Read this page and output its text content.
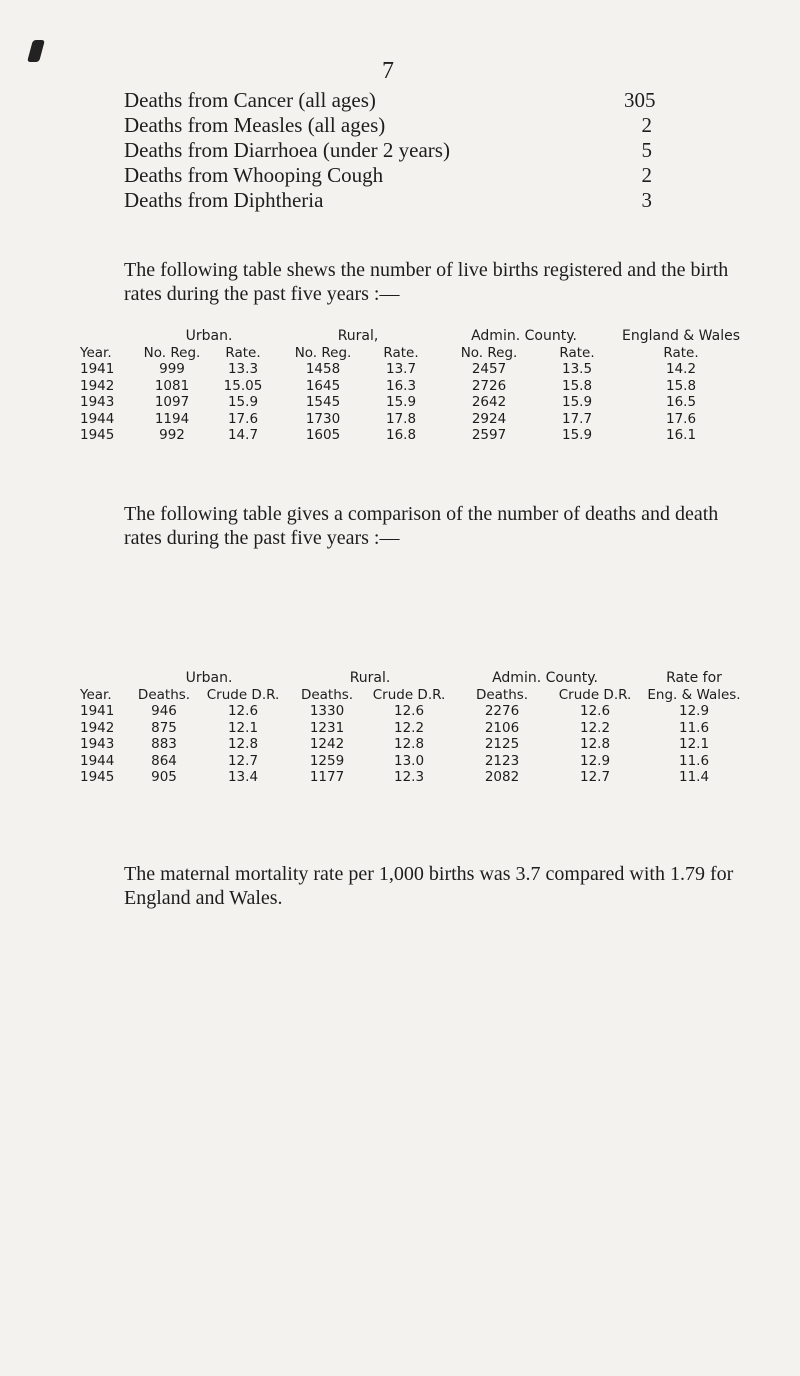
7
Deaths from Cancer (all ages)	305
Deaths from Measles (all ages)	2
Deaths from Diarrhoea (under 2 years)	5
Deaths from Whooping Cough	2
Deaths from Diphtheria	3

The following table shews the number of live births registered and the birth rates during the past five years :—

	Urban.		Rural,		Admin. County.		England & Wales
Year.	No. Reg.	Rate.	No. Reg.	Rate.	No. Reg.	Rate.	Rate.
1941	999	13.3	1458	13.7	2457	13.5	14.2
1942	1081	15.05	1645	16.3	2726	15.8	15.8
1943	1097	15.9	1545	15.9	2642	15.9	16.5
1944	1194	17.6	1730	17.8	2924	17.7	17.6
1945	992	14.7	1605	16.8	2597	15.9	16.1

The following table gives a comparison of the number of deaths and death rates during the past five years :—

	Urban.		Rural.		Admin. County.		Rate for
Year.	Deaths.	Crude D.R.	Deaths.	Crude D.R.	Deaths.	Crude D.R.	Eng. & Wales.
1941	946	12.6	1330	12.6	2276	12.6	12.9
1942	875	12.1	1231	12.2	2106	12.2	11.6
1943	883	12.8	1242	12.8	2125	12.8	12.1
1944	864	12.7	1259	13.0	2123	12.9	11.6
1945	905	13.4	1177	12.3	2082	12.7	11.4

The maternal mortality rate per 1,000 births was 3.7 compared with 1.79 for England and Wales.
